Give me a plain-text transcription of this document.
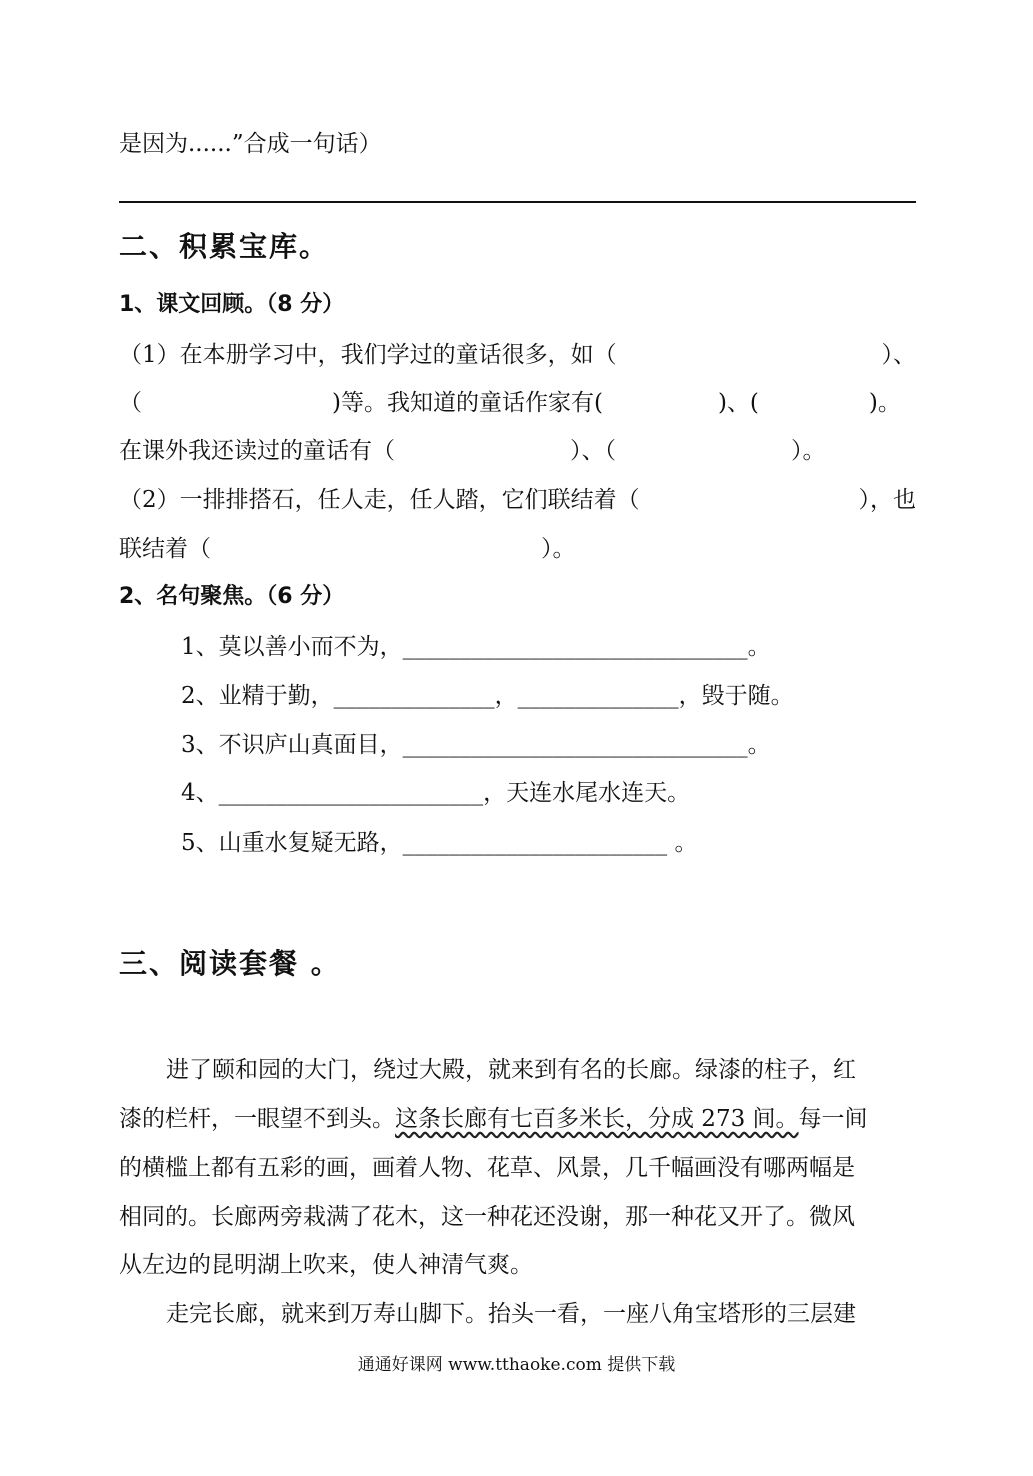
是因为......”合成一句话）
二、积累宝库。
1、课文回顾。（8 分）
（1）在本册学习中，我们学过的童话很多，如（	）、
（	)等。我知道的童话作家有(	)、(	)。
在课外我还读过的童话有（	）、（	）。
（2）一排排搭石，任人走，任人踏，它们联结着（	），也
联结着（	）。
2、名句聚焦。（6 分）
1、莫以善小而不为，______________________________。
2、业精于勤，______________，______________，毁于随。
3、不识庐山真面目，______________________________。
4、_______________________，天连水尾水连天。
5、山重水复疑无路，_______________________ 。
三、阅读套餐 。
进了颐和园的大门，绕过大殿，就来到有名的长廊。绿漆的柱子，红
漆的栏杆，一眼望不到头。这条长廊有七百多米长，分成 273 间。每一间
的横槛上都有五彩的画，画着人物、花草、风景，几千幅画没有哪两幅是
相同的。长廊两旁栽满了花木，这一种花还没谢，那一种花又开了。微风
从左边的昆明湖上吹来，使人神清气爽。
走完长廊，就来到万寿山脚下。抬头一看，一座八角宝塔形的三层建
通通好课网 www.tthaoke.com 提供下载
